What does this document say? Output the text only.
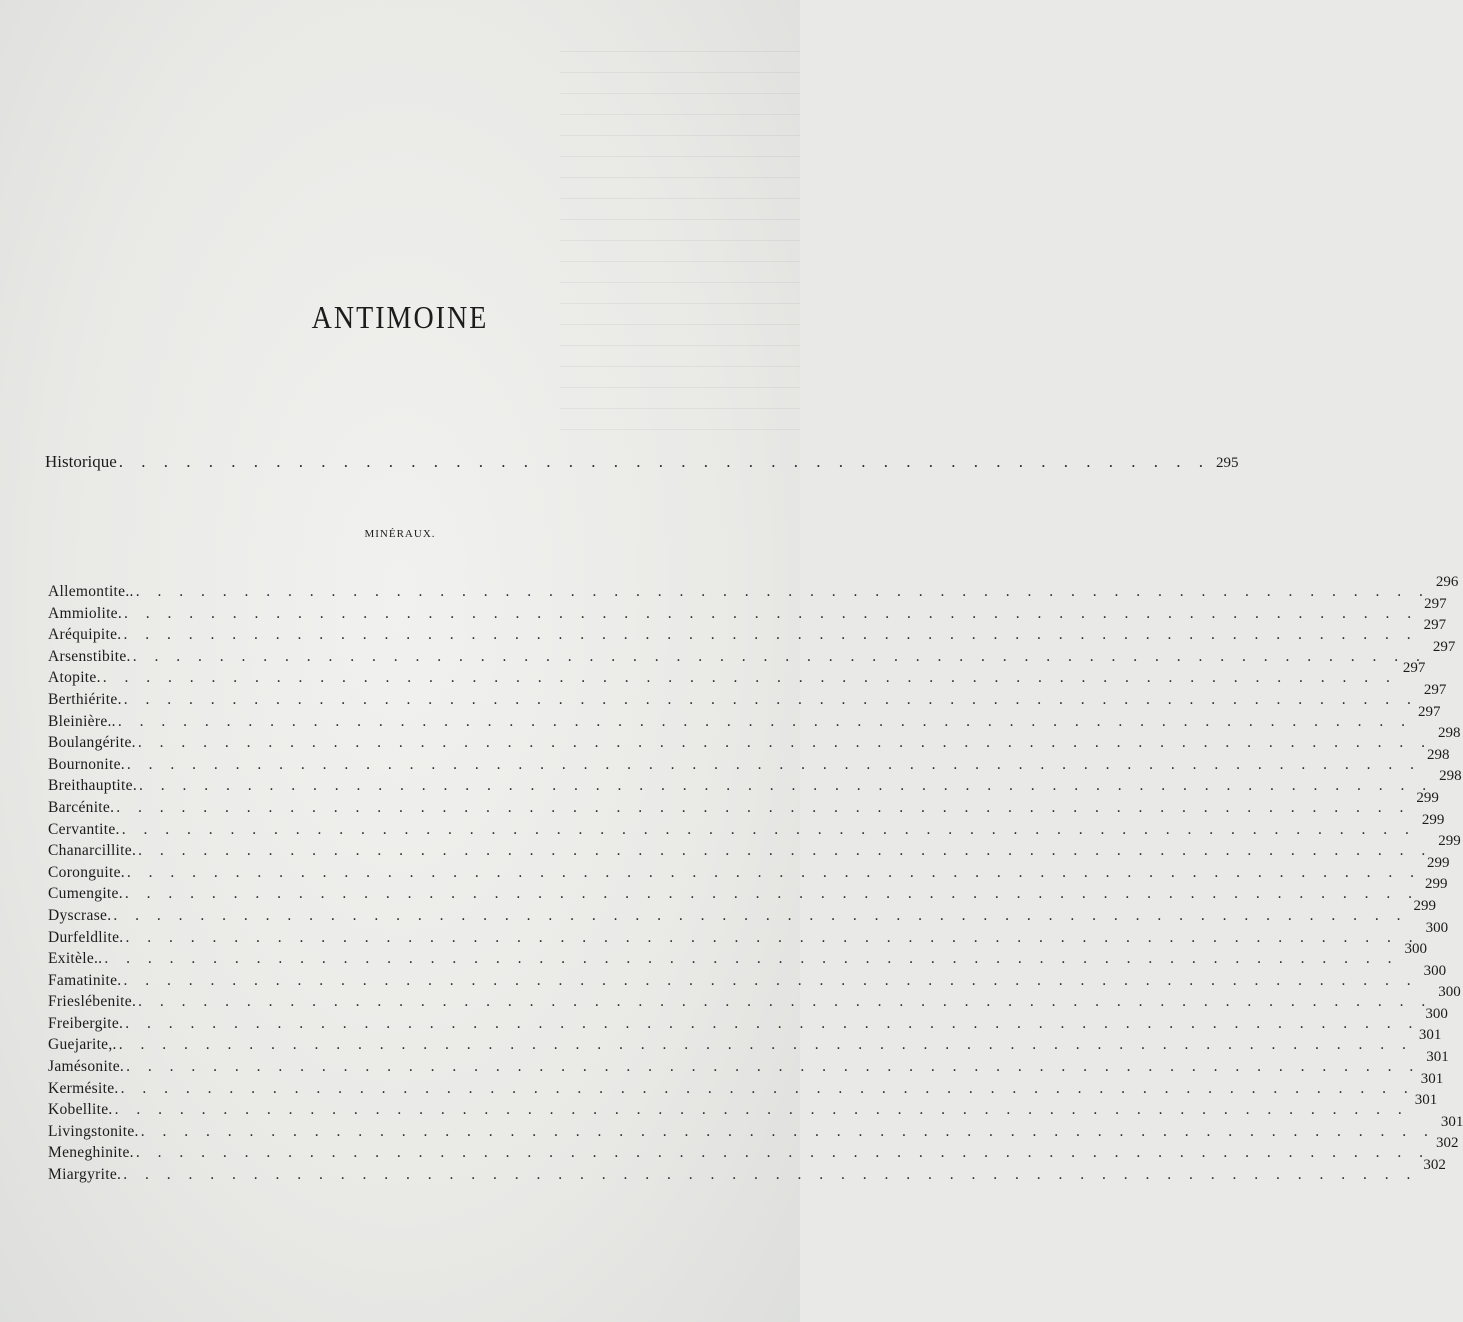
ANTIMOINE
Historique . . . . . . . . . . . . . . . . . . . . . . . . . . . . . . . . . . . . . . . . . . . . . . . . . 295
MINÉRAUX.
Allemontite.. . . . . . . . . . . . . . . . . . . . . . . . . . . . . . . . . . . . . . . . . . . . . . . . . . . . . . . . . . . . .
296
Ammiolite. . . . . . . . . . . . . . . . . . . . . . . . . . . . . . . . . . . . . . . . . . . . . . . . . . . . . . . . . . . . .
297
Aréquipite. . . . . . . . . . . . . . . . . . . . . . . . . . . . . . . . . . . . . . . . . . . . . . . . . . . . . . . . . . . . .
297
Arsenstibite. . . . . . . . . . . . . . . . . . . . . . . . . . . . . . . . . . . . . . . . . . . . . . . . . . . . . . . . . . . . .
297
Atopite. . . . . . . . . . . . . . . . . . . . . . . . . . . . . . . . . . . . . . . . . . . . . . . . . . . . . . . . . . . . .
297
Berthiérite. . . . . . . . . . . . . . . . . . . . . . . . . . . . . . . . . . . . . . . . . . . . . . . . . . . . . . . . . . . . .
297
Bleinière.. . . . . . . . . . . . . . . . . . . . . . . . . . . . . . . . . . . . . . . . . . . . . . . . . . . . . . . . . . . . .
297
Boulangérite. . . . . . . . . . . . . . . . . . . . . . . . . . . . . . . . . . . . . . . . . . . . . . . . . . . . . . . . . . . . .
298
Bournonite. . . . . . . . . . . . . . . . . . . . . . . . . . . . . . . . . . . . . . . . . . . . . . . . . . . . . . . . . . . . .
298
Breithauptite. . . . . . . . . . . . . . . . . . . . . . . . . . . . . . . . . . . . . . . . . . . . . . . . . . . . . . . . . . . . .
298
Barcénite. . . . . . . . . . . . . . . . . . . . . . . . . . . . . . . . . . . . . . . . . . . . . . . . . . . . . . . . . . . . .
299
Cervantite. . . . . . . . . . . . . . . . . . . . . . . . . . . . . . . . . . . . . . . . . . . . . . . . . . . . . . . . . . . . .
299
Chanarcillite. . . . . . . . . . . . . . . . . . . . . . . . . . . . . . . . . . . . . . . . . . . . . . . . . . . . . . . . . . . . .
299
Coronguite. . . . . . . . . . . . . . . . . . . . . . . . . . . . . . . . . . . . . . . . . . . . . . . . . . . . . . . . . . . . .
299
Cumengite. . . . . . . . . . . . . . . . . . . . . . . . . . . . . . . . . . . . . . . . . . . . . . . . . . . . . . . . . . . . .
299
Dyscrase. . . . . . . . . . . . . . . . . . . . . . . . . . . . . . . . . . . . . . . . . . . . . . . . . . . . . . . . . . . . .
299
Durfeldlite. . . . . . . . . . . . . . . . . . . . . . . . . . . . . . . . . . . . . . . . . . . . . . . . . . . . . . . . . . . . .
300
Exitèle.. . . . . . . . . . . . . . . . . . . . . . . . . . . . . . . . . . . . . . . . . . . . . . . . . . . . . . . . . . . . .
300
Famatinite. . . . . . . . . . . . . . . . . . . . . . . . . . . . . . . . . . . . . . . . . . . . . . . . . . . . . . . . . . . . .
300
Frieslébenite. . . . . . . . . . . . . . . . . . . . . . . . . . . . . . . . . . . . . . . . . . . . . . . . . . . . . . . . . . . . .
300
Freibergite. . . . . . . . . . . . . . . . . . . . . . . . . . . . . . . . . . . . . . . . . . . . . . . . . . . . . . . . . . . . .
300
Guejarite,. . . . . . . . . . . . . . . . . . . . . . . . . . . . . . . . . . . . . . . . . . . . . . . . . . . . . . . . . . . . .
301
Jamésonite. . . . . . . . . . . . . . . . . . . . . . . . . . . . . . . . . . . . . . . . . . . . . . . . . . . . . . . . . . . . .
301
Kermésite. . . . . . . . . . . . . . . . . . . . . . . . . . . . . . . . . . . . . . . . . . . . . . . . . . . . . . . . . . . . .
301
Kobellite. . . . . . . . . . . . . . . . . . . . . . . . . . . . . . . . . . . . . . . . . . . . . . . . . . . . . . . . . . . . .
301
Livingstonite. . . . . . . . . . . . . . . . . . . . . . . . . . . . . . . . . . . . . . . . . . . . . . . . . . . . . . . . . . . . .
301
Meneghinite. . . . . . . . . . . . . . . . . . . . . . . . . . . . . . . . . . . . . . . . . . . . . . . . . . . . . . . . . . . . .
302
Miargyrite. . . . . . . . . . . . . . . . . . . . . . . . . . . . . . . . . . . . . . . . . . . . . . . . . . . . . . . . . . . . .
302
